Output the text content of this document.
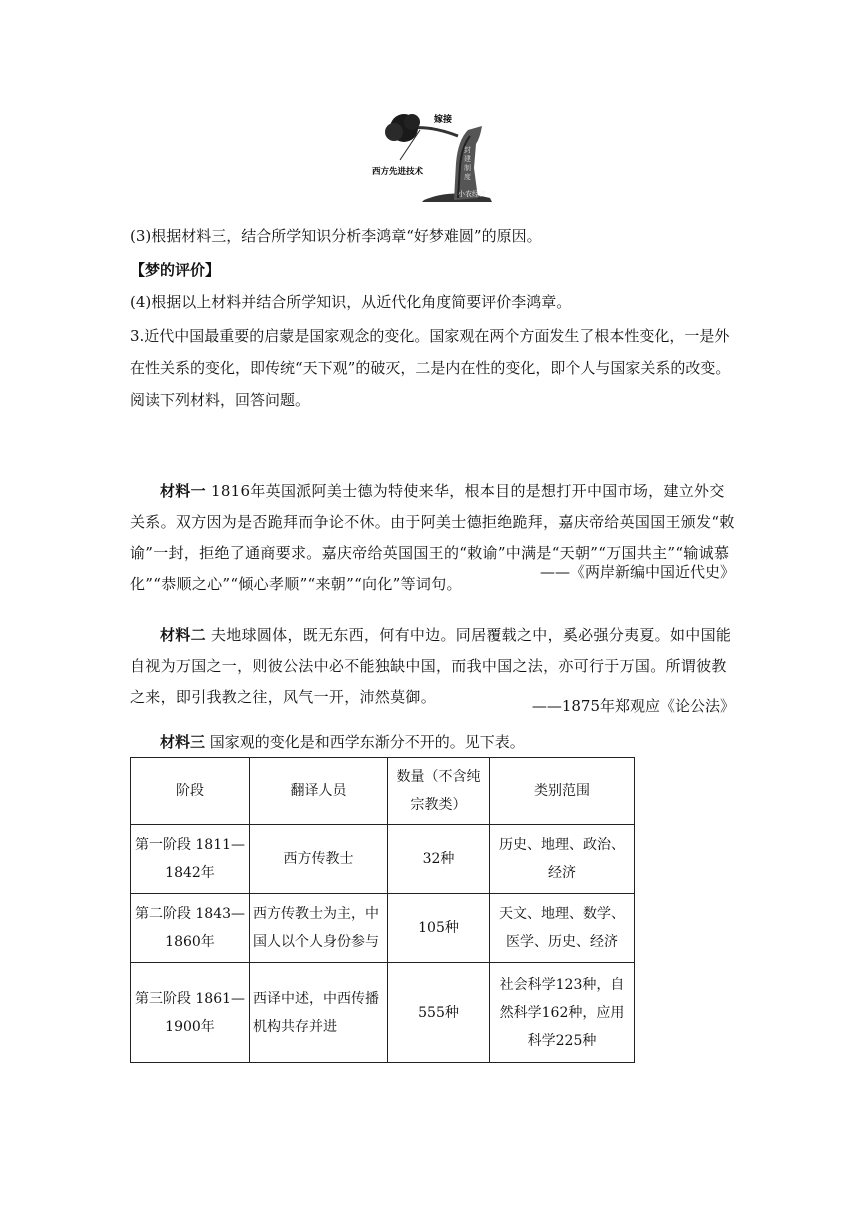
嫁接
西方先进技术
封
建
制
度
小农经济
(3)根据材料三，结合所学知识分析李鸿章“好梦难圆”的原因。
【梦的评价】
(4)根据以上材料并结合所学知识，从近代化角度简要评价李鸿章。

3.近代中国最重要的启蒙是国家观念的变化。国家观在两个方面发生了根本性变化，一是外

在性关系的变化，即传统“天下观”的破灭，二是内在性的变化，即个人与国家关系的改变。

阅读下列材料，回答问题。

材料一 1816年英国派阿美士德为特使来华，根本目的是想打开中国市场，建立外交关系。双方因为是否跪拜而争论不休。由于阿美士德拒绝跪拜，嘉庆帝给英国国王颁发“敕谕”一封，拒绝了通商要求。嘉庆帝给英国国王的“敕谕”中满是“天朝”“万国共主”“输诚慕化”“恭顺之心”“倾心孝顺”“来朝”“向化”等词句。

——《两岸新编中国近代史》

材料二 夫地球圆体，既无东西，何有中边。同居覆载之中，奚必强分夷夏。如中国能自视为万国之一，则彼公法中必不能独缺中国，而我中国之法，亦可行于万国。所谓彼教之来，即引我教之往，风气一开，沛然莫御。	——1875年郑观应《论公法》
材料三 国家观的变化是和西学东渐分不开的。见下表。
阶段	翻译人员	数量（不含纯宗教类）	类别范围
第一阶段 1811—1842年	西方传教士	32种	历史、地理、政治、经济
第二阶段 1843—1860年	西方传教士为主，中国人以个人身份参与	105种	天文、地理、数学、医学、历史、经济
第三阶段 1861—1900年	西译中述，中西传播机构共存并进	555种	社会科学123种，自然科学162种，应用科学225种
